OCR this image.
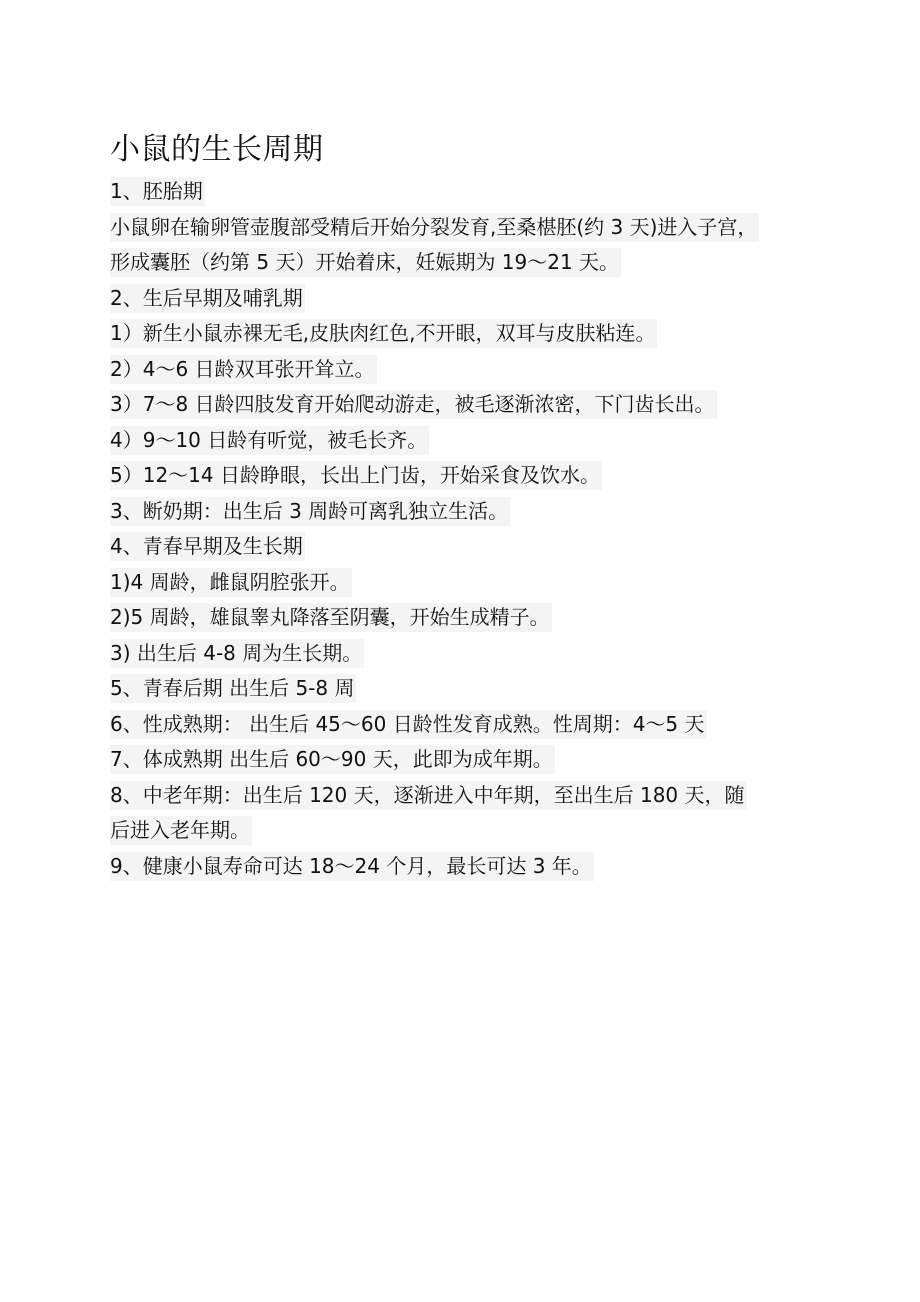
小鼠的生长周期

1、胚胎期

小鼠卵在输卵管壶腹部受精后开始分裂发育,至桑椹胚(约 3 天)进入子宫，

形成囊胚（约第 5 天）开始着床，妊娠期为 19～21 天。

2、生后早期及哺乳期

1）新生小鼠赤裸无毛,皮肤肉红色,不开眼，双耳与皮肤粘连。

2）4～6 日龄双耳张开耸立。

3）7～8 日龄四肢发育开始爬动游走，被毛逐渐浓密，下门齿长出。

4）9～10 日龄有听觉，被毛长齐。

5）12～14 日龄睁眼，长出上门齿，开始采食及饮水。

3、断奶期：出生后 3 周龄可离乳独立生活。

4、青春早期及生长期

1)4 周龄，雌鼠阴腔张开。

2)5 周龄，雄鼠睾丸降落至阴囊，开始生成精子。

3) 出生后 4-8 周为生长期。

5、青春后期 出生后 5-8 周

6、性成熟期： 出生后 45～60 日龄性发育成熟。性周期：4～5 天

7、体成熟期 出生后 60～90 天，此即为成年期。

8、中老年期：出生后 120 天，逐渐进入中年期，至出生后 180 天，随

后进入老年期。

9、健康小鼠寿命可达 18～24 个月，最长可达 3 年。
